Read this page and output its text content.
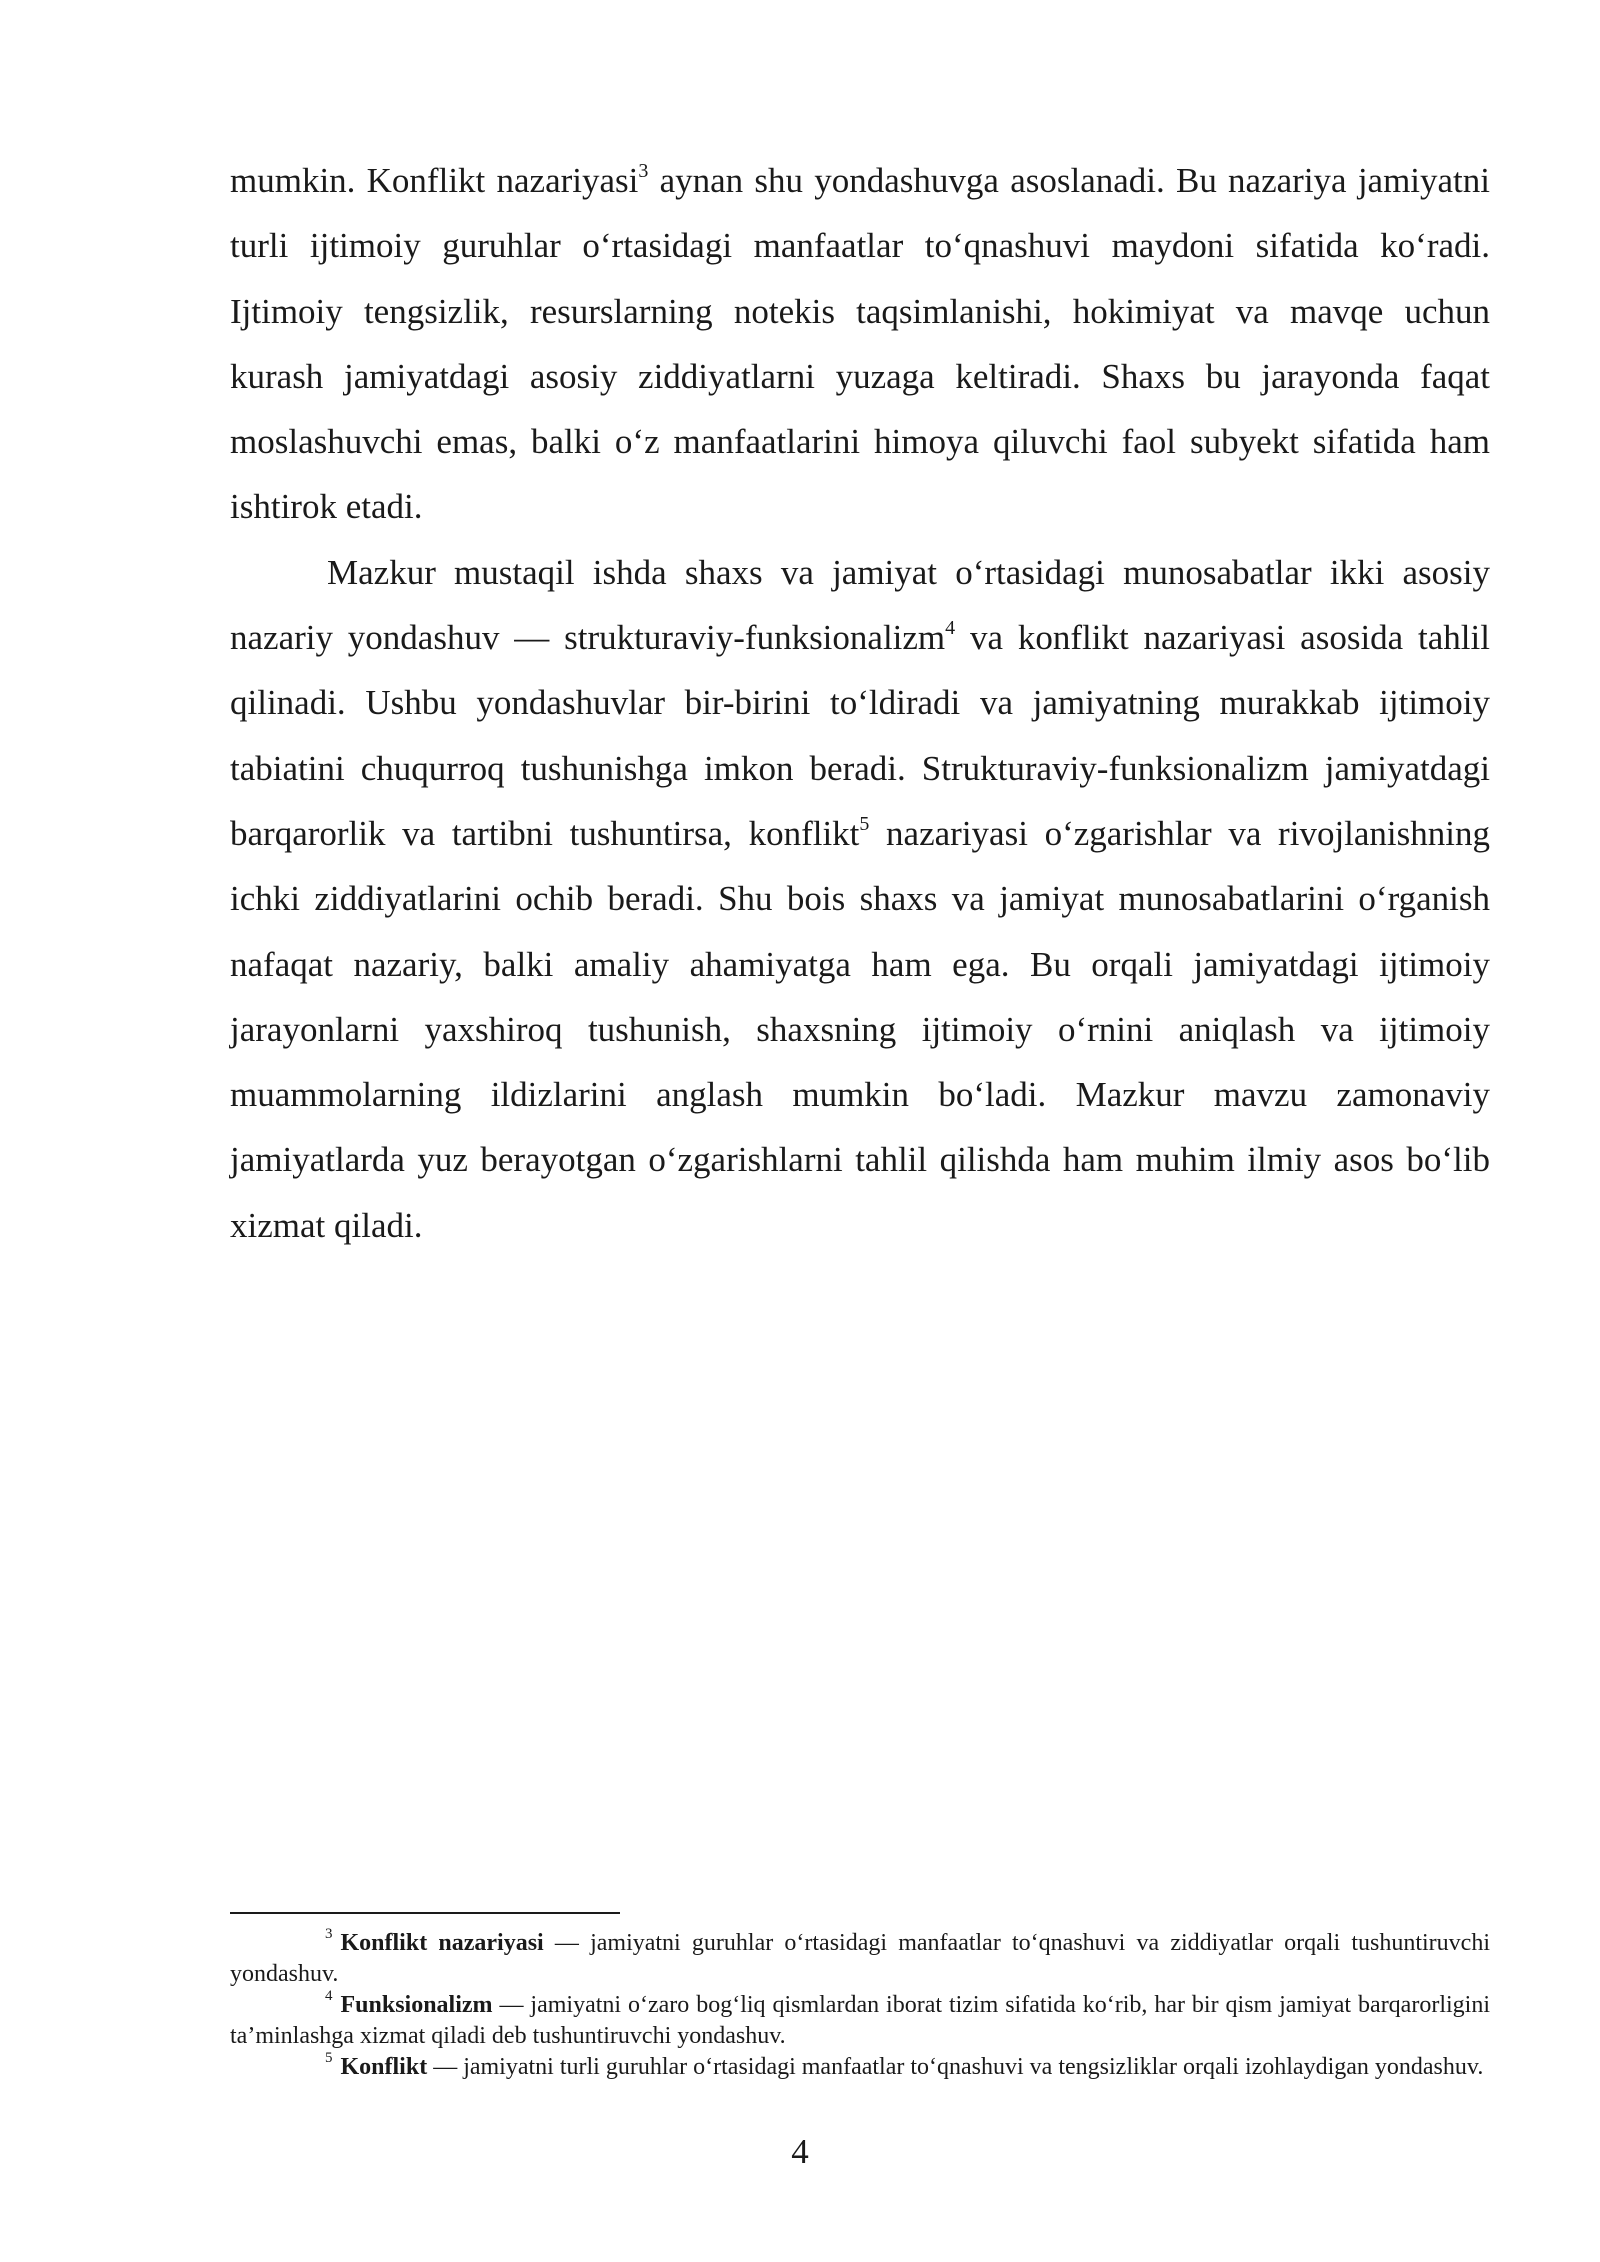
mumkin. Konflikt nazariyasi$^3$ aynan shu yondashuvga asoslanadi. Bu nazariya jamiyatni turli ijtimoiy guruhlar oʻrtasidagi manfaatlar toʻqnashuvi maydoni sifatida koʻradi. Ijtimoiy tengsizlik, resurslarning notekis taqsimlanishi, hokimiyat va mavqe uchun kurash jamiyatdagi asosiy ziddiyatlarni yuzaga keltiradi. Shaxs bu jarayonda faqat moslashuvchi emas, balki oʻz manfaatlarini himoya qiluvchi faol subyekt sifatida ham ishtirok etadi.

Mazkur mustaqil ishda shaxs va jamiyat oʻrtasidagi munosabatlar ikki asosiy nazariy yondashuv — strukturaviy-funksionalizm$^4$ va konflikt nazariyasi asosida tahlil qilinadi. Ushbu yondashuvlar bir-birini toʻldiradi va jamiyatning murakkab ijtimoiy tabiatini chuqurroq tushunishga imkon beradi. Strukturaviy-funksionalizm jamiyatdagi barqarorlik va tartibni tushuntirsa, konflikt$^5$ nazariyasi oʻzgarishlar va rivojlanishning ichki ziddiyatlarini ochib beradi. Shu bois shaxs va jamiyat munosabatlarini oʻrganish nafaqat nazariy, balki amaliy ahamiyatga ham ega. Bu orqali jamiyatdagi ijtimoiy jarayonlarni yaxshiroq tushunish, shaxsning ijtimoiy oʻrnini aniqlash va ijtimoiy muammolarning ildizlarini anglash mumkin boʻladi. Mazkur mavzu zamonaviy jamiyatlarda yuz berayotgan oʻzgarishlarni tahlil qilishda ham muhim ilmiy asos boʻlib xizmat qiladi.

$^3$ Konflikt nazariyasi — jamiyatni guruhlar oʻrtasidagi manfaatlar toʻqnashuvi va ziddiyatlar orqali tushuntiruvchi yondashuv.

$^4$ Funksionalizm — jamiyatni oʻzaro bogʻliq qismlardan iborat tizim sifatida koʻrib, har bir qism jamiyat barqarorligini taʼminlashga xizmat qiladi deb tushuntiruvchi yondashuv.

$^5$ Konflikt — jamiyatni turli guruhlar oʻrtasidagi manfaatlar toʻqnashuvi va tengsizliklar orqali izohlaydigan yondashuv.

4
